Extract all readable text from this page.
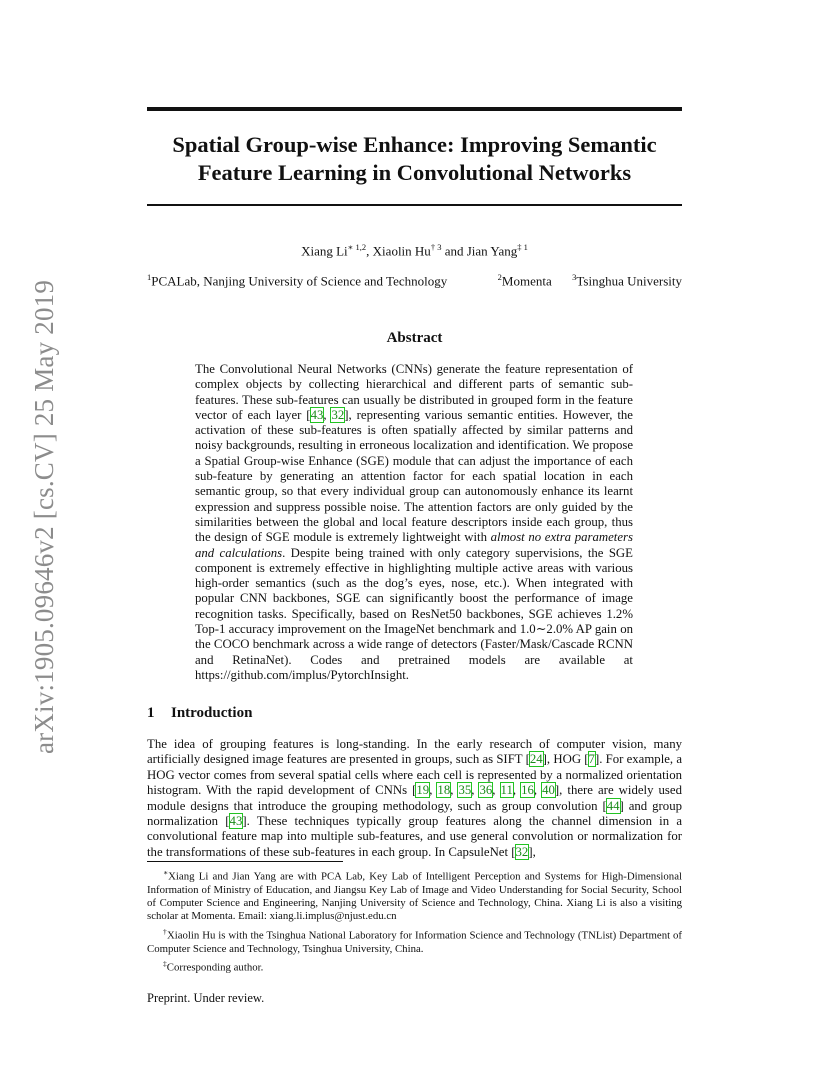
arXiv:1905.09646v2 [cs.CV] 25 May 2019
Spatial Group-wise Enhance: Improving Semantic Feature Learning in Convolutional Networks
Xiang $Li^{∗ 1,2}$, Xiaolin Hu$^{\dagger 3}$ and Jian Yang$^{\ddagger 1}$
$^1$PCALab, Nanjing University of Science and Technology	$^2$Momenta $^3$Tsinghua University
Abstract
The Convolutional Neural Networks (CNNs) generate the feature representation of complex objects by collecting hierarchical and different parts of semantic sub-features. These sub-features can usually be distributed in grouped form in the feature vector of each layer [43, 32], representing various semantic entities. However, the activation of these sub-features is often spatially affected by similar patterns and noisy backgrounds, resulting in erroneous localization and identification. We propose a Spatial Group-wise Enhance (SGE) module that can adjust the importance of each sub-feature by generating an attention factor for each spatial location in each semantic group, so that every individual group can autonomously enhance its learnt expression and suppress possible noise. The attention factors are only guided by the similarities between the global and local feature descriptors inside each group, thus the design of SGE module is extremely lightweight with almost no extra parameters and calculations. Despite being trained with only category supervisions, the SGE component is extremely effective in highlighting multiple active areas with various high-order semantics (such as the dog’s eyes, nose, etc.). When integrated with popular CNN backbones, SGE can significantly boost the performance of image recognition tasks. Specifically, based on ResNet50 backbones, SGE achieves 1.2% Top-1 accuracy improvement on the ImageNet benchmark and 1.0∼2.0% AP gain on the COCO benchmark across a wide range of detectors (Faster/Mask/Cascade RCNN and RetinaNet). Codes and pretrained models are available at https://github.com/implus/PytorchInsight.
1 Introduction
The idea of grouping features is long-standing. In the early research of computer vision, many artificially designed image features are presented in groups, such as SIFT [24], HOG [7]. For example, a HOG vector comes from several spatial cells where each cell is represented by a normalized orientation histogram. With the rapid development of CNNs [19, 18, 35, 36, 11, 16, 40], there are widely used module designs that introduce the grouping methodology, such as group convolution [44] and group normalization [43]. These techniques typically group features along the channel dimension in a convolutional feature map into multiple sub-features, and use general convolution or normalization for the transformations of these sub-features in each group. In CapsuleNet [32],

∗Xiang Li and Jian Yang are with PCA Lab, Key Lab of Intelligent Perception and Systems for High-Dimensional Information of Ministry of Education, and Jiangsu Key Lab of Image and Video Understanding for Social Security, School of Computer Science and Engineering, Nanjing University of Science and Technology, China. Xiang Li is also a visiting scholar at Momenta. Email: xiang.li.implus@njust.edu.cn

†Xiaolin Hu is with the Tsinghua National Laboratory for Information Science and Technology (TNList) Department of Computer Science and Technology, Tsinghua University, China.

‡Corresponding author.

Preprint. Under review.
